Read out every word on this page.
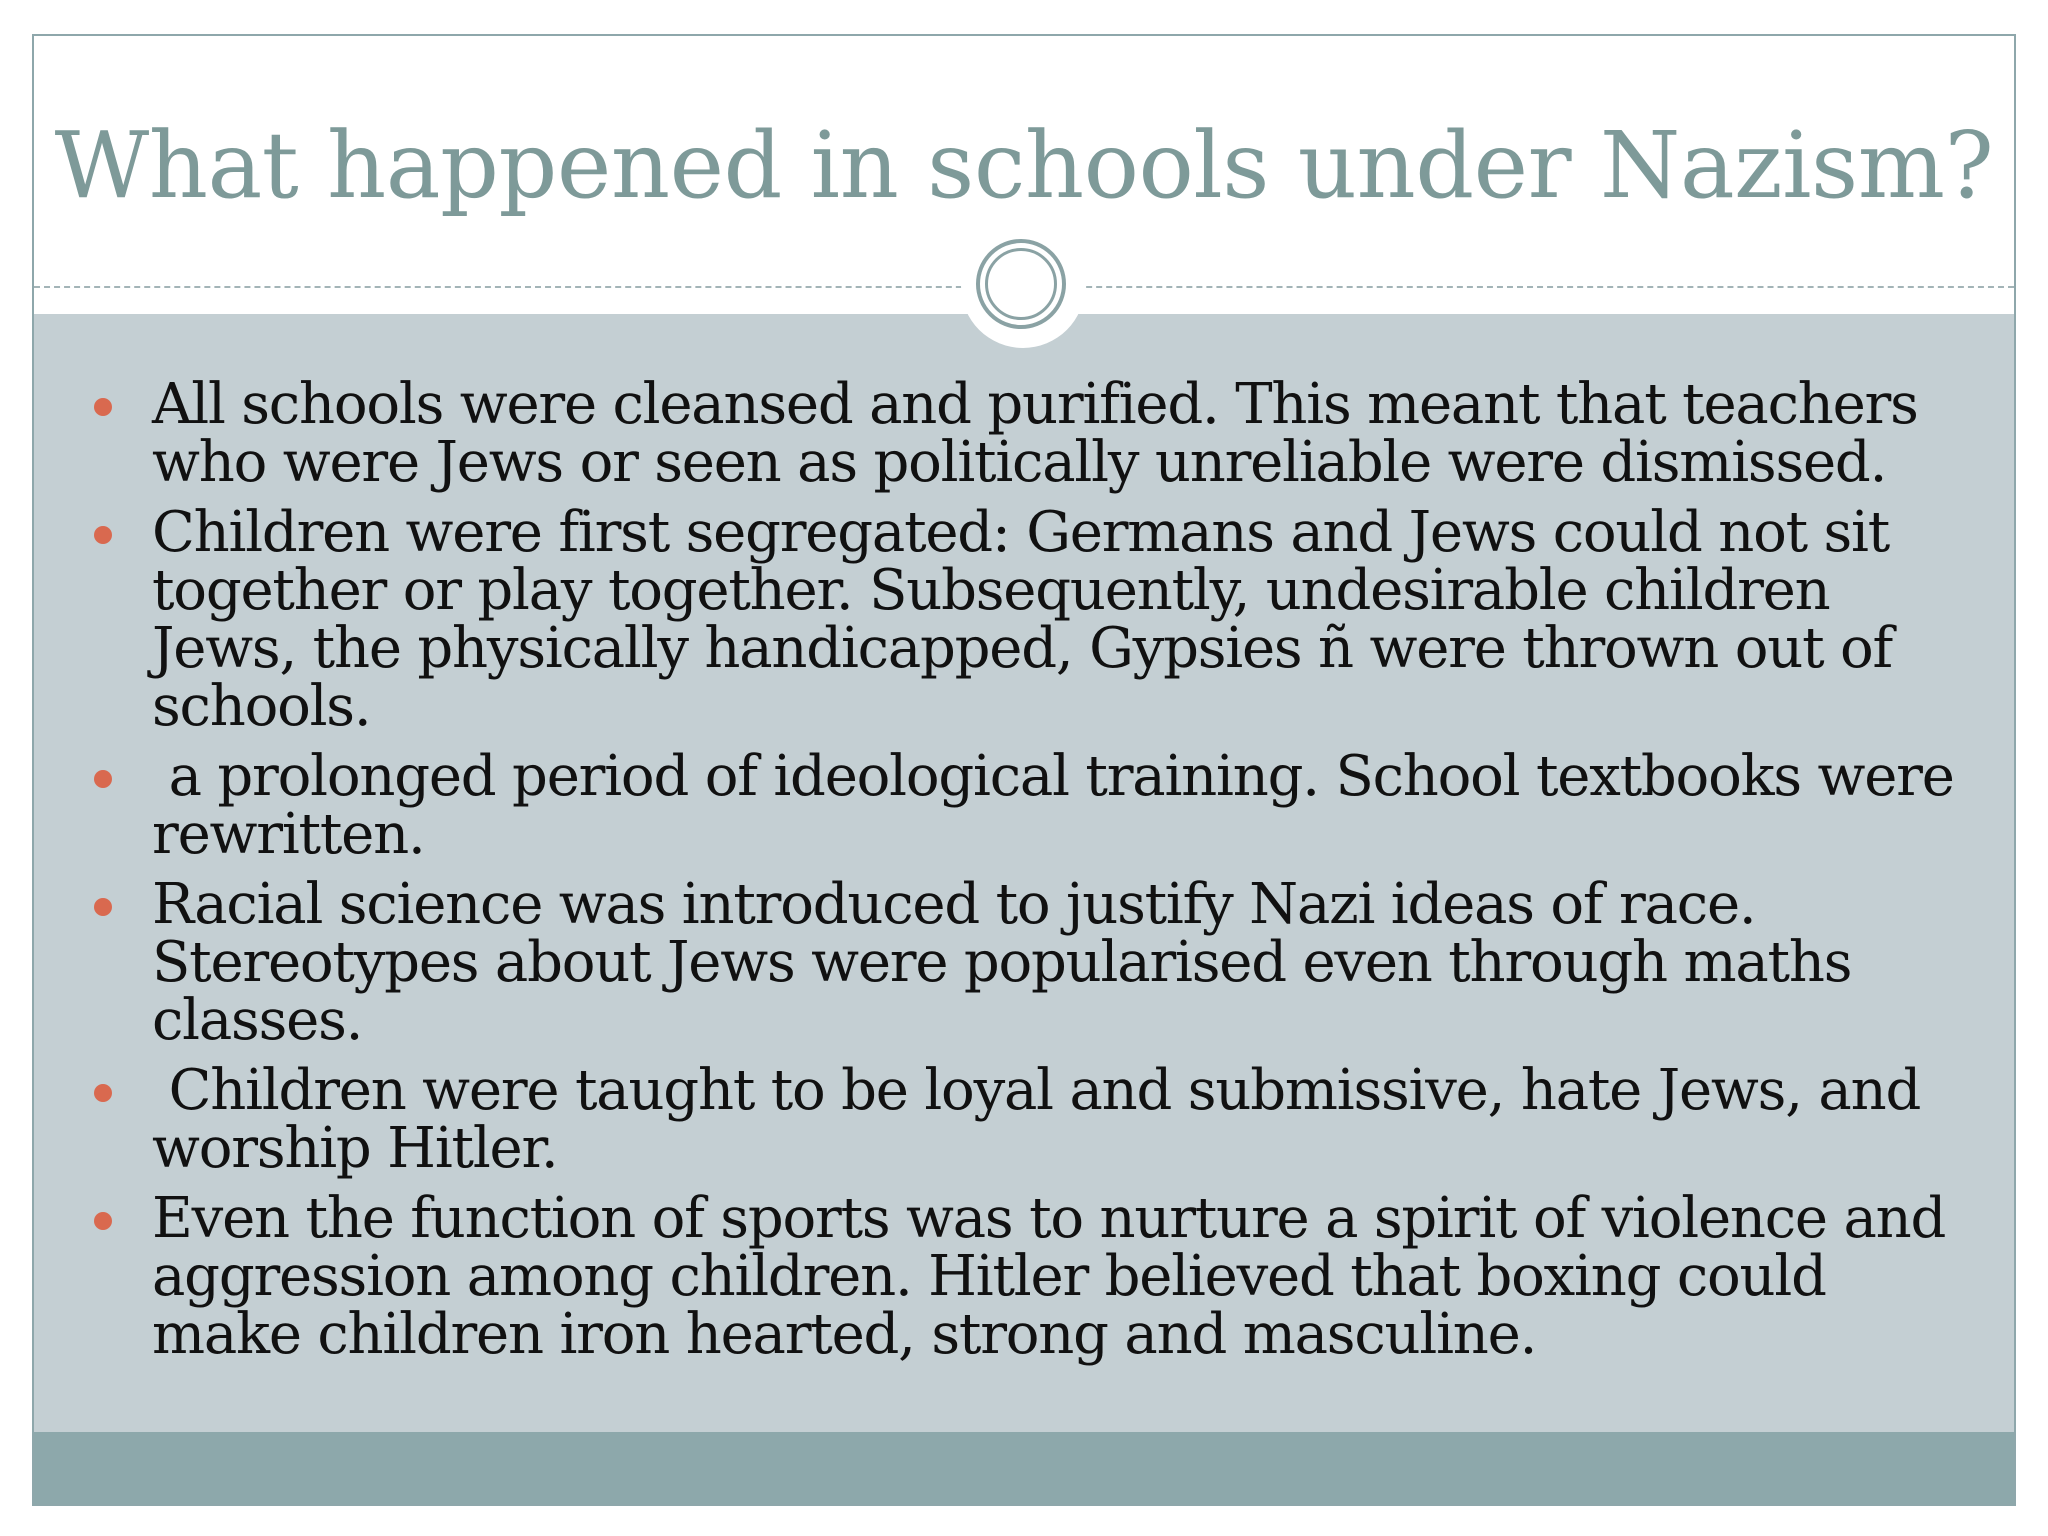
What happened in schools under Nazism?
All schools were cleansed and purified. This meant that teachers who were Jews or seen as politically unreliable were dismissed.
Children were first segregated: Germans and Jews could not sit together or play together. Subsequently, undesirable children Jews, the physically handicapped, Gypsies ñ were thrown out of schools.
a prolonged period of ideological training. School textbooks were rewritten.
Racial science was introduced to justify Nazi ideas of race. Stereotypes about Jews were popularised even through maths classes.
Children were taught to be loyal and submissive, hate Jews, and worship Hitler.
Even the function of sports was to nurture a spirit of violence and aggression among children. Hitler believed that boxing could make children iron hearted, strong and masculine.
